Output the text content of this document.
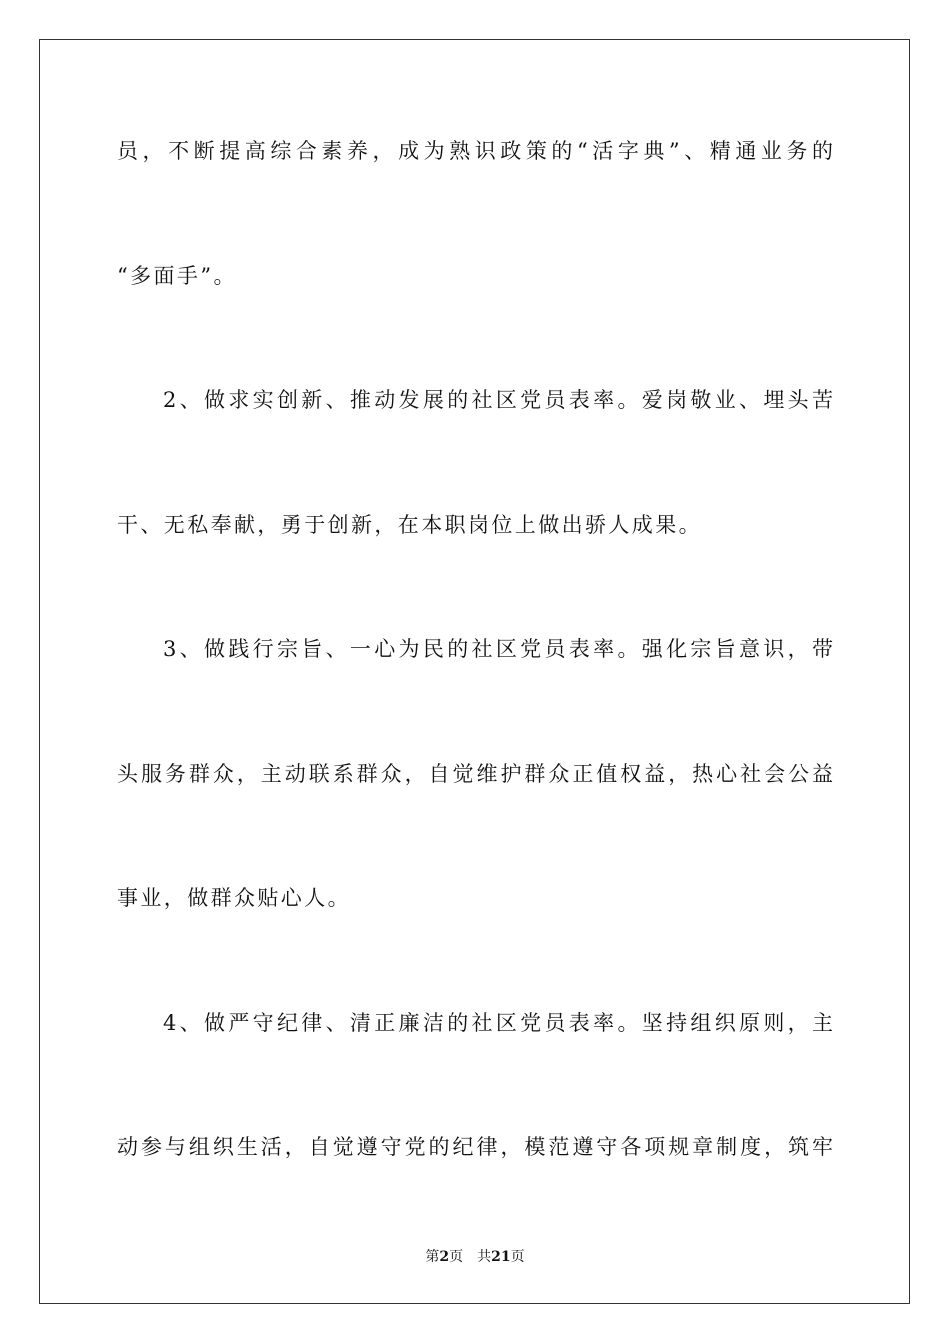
员，不断提高综合素养，成为熟识政策的“活字典”、精通业务的
“多面手”。
2、做求实创新、推动发展的社区党员表率。爱岗敬业、埋头苦
干、无私奉献，勇于创新，在本职岗位上做出骄人成果。
3、做践行宗旨、一心为民的社区党员表率。强化宗旨意识，带
头服务群众，主动联系群众，自觉维护群众正值权益，热心社会公益
事业，做群众贴心人。
4、做严守纪律、清正廉洁的社区党员表率。坚持组织原则，主
动参与组织生活，自觉遵守党的纪律，模范遵守各项规章制度，筑牢
第2页 共21页
